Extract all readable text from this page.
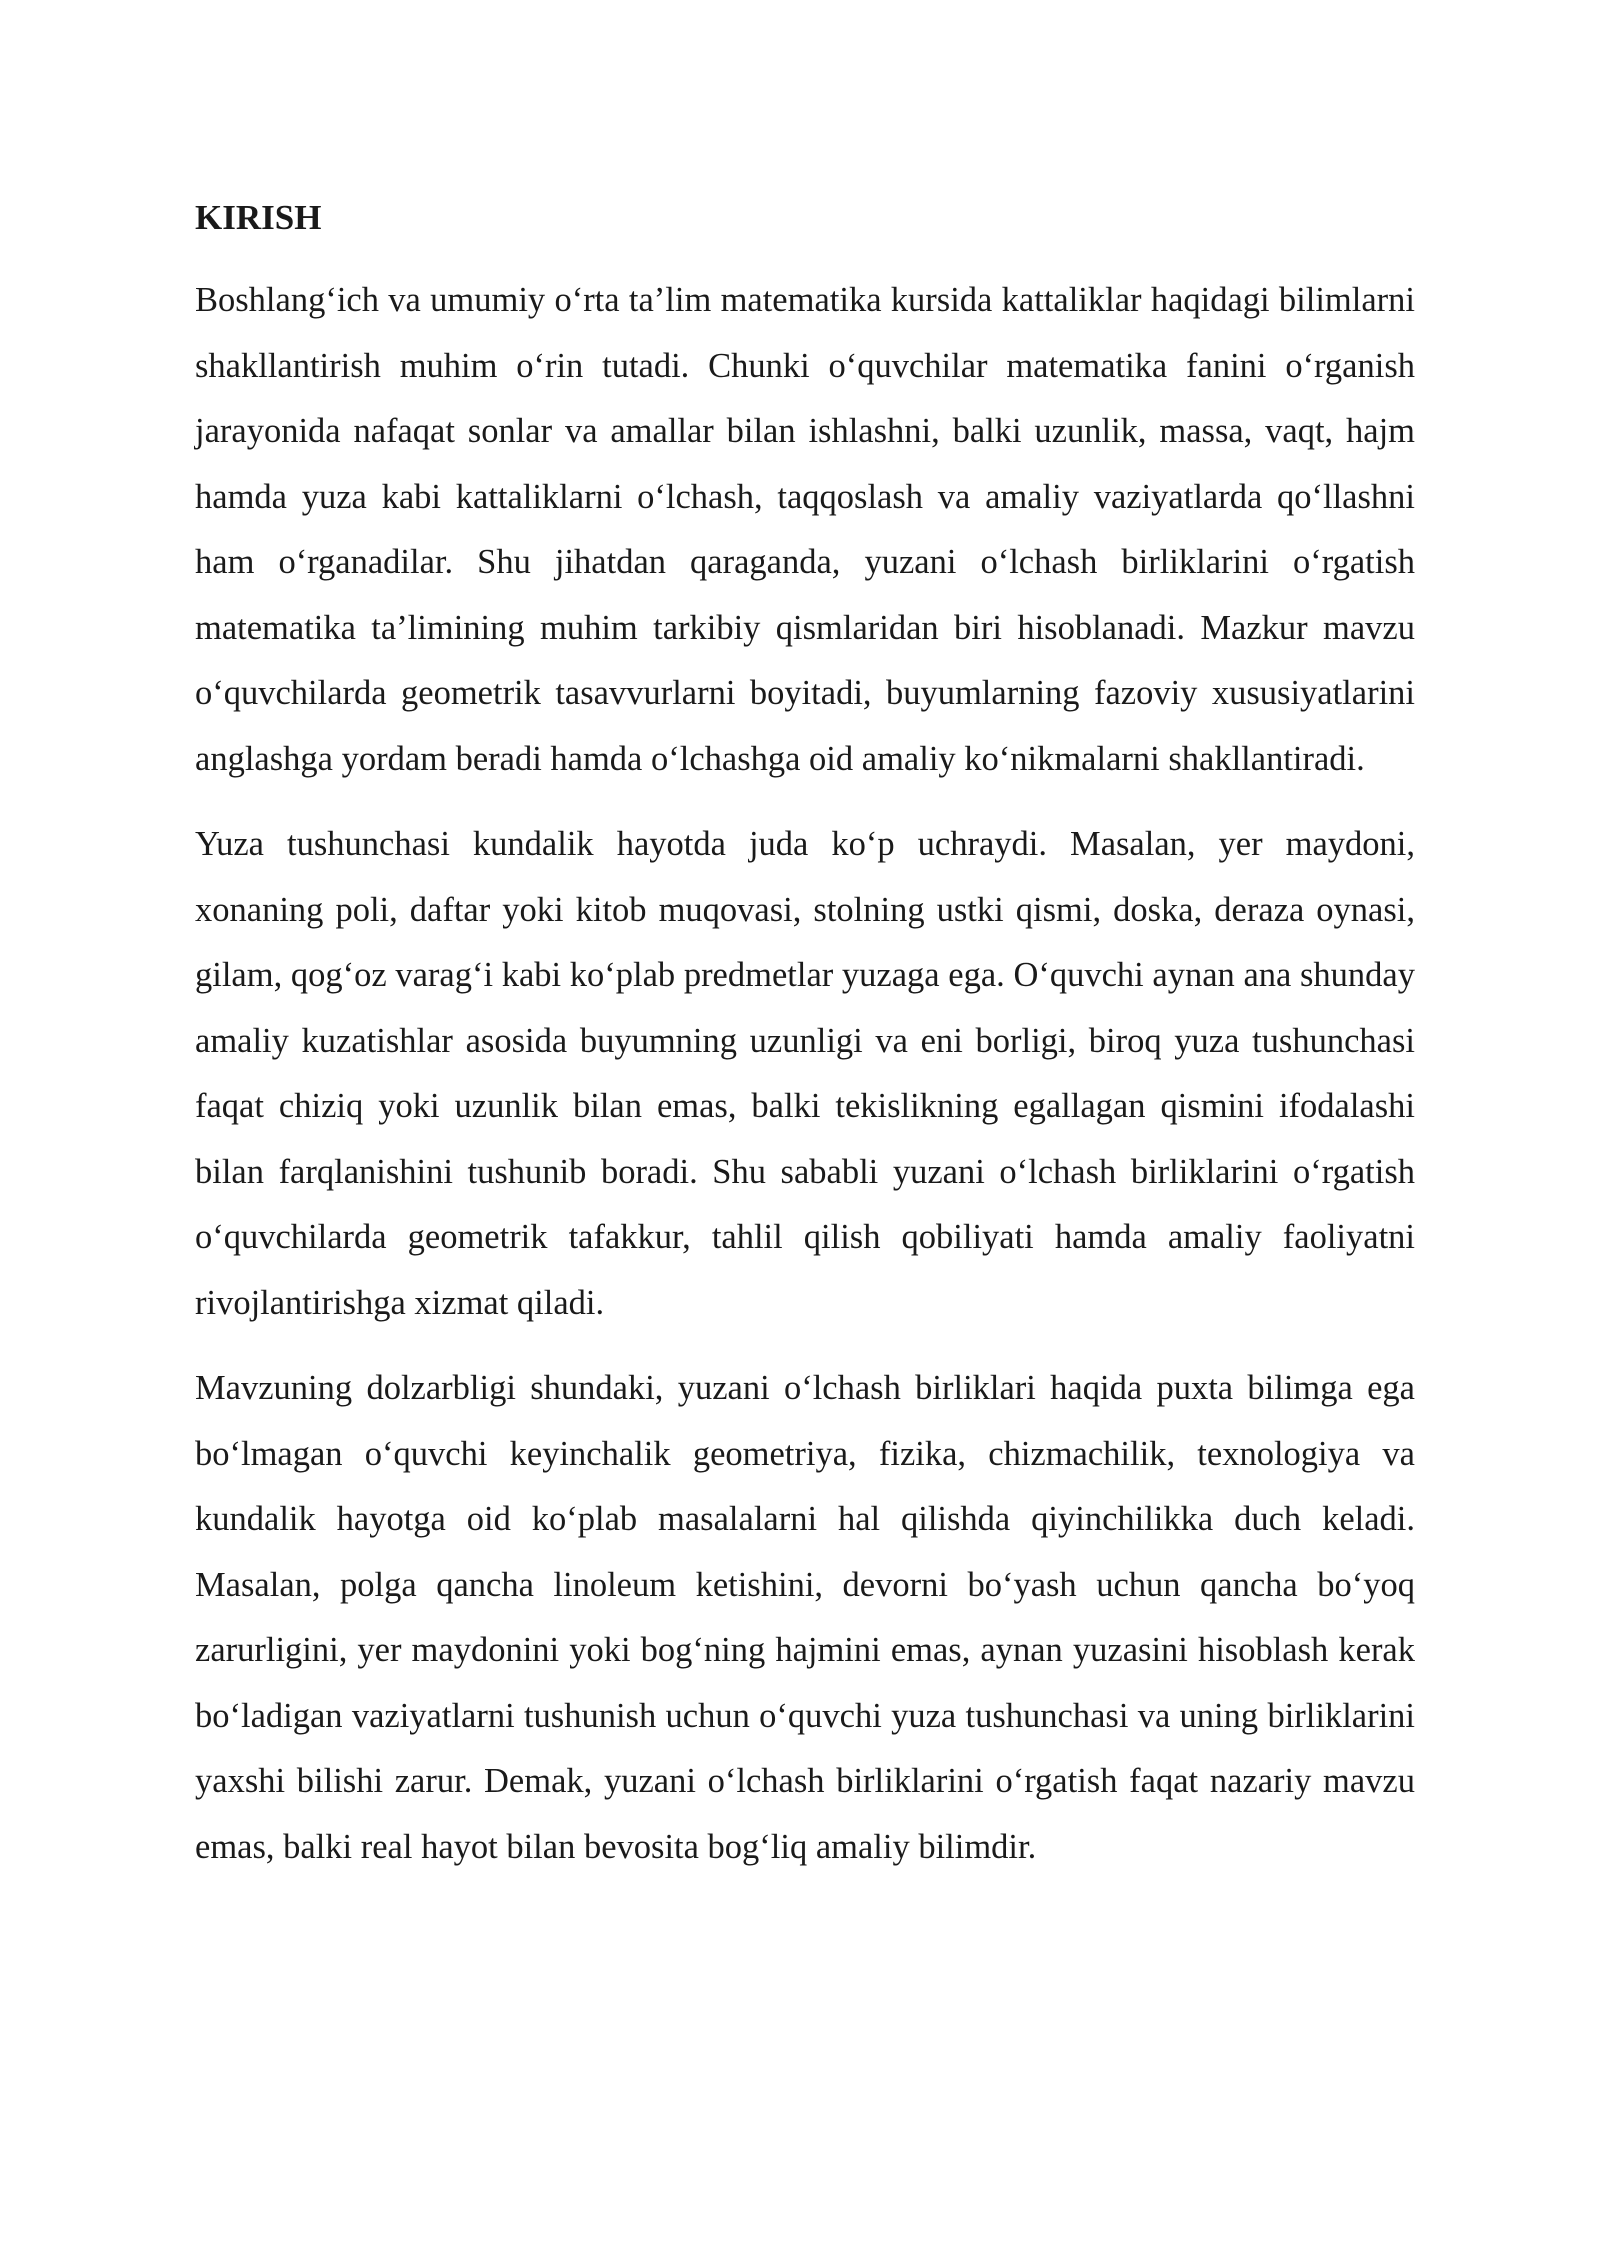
KIRISH

Boshlang‘ich va umumiy o‘rta ta’lim matematika kursida kattaliklar haqidagi bilimlarni shakllantirish muhim o‘rin tutadi. Chunki o‘quvchilar matematika fanini o‘rganish jarayonida nafaqat sonlar va amallar bilan ishlashni, balki uzunlik, massa, vaqt, hajm hamda yuza kabi kattaliklarni o‘lchash, taqqoslash va amaliy vaziyatlarda qo‘llashni ham o‘rganadilar. Shu jihatdan qaraganda, yuzani o‘lchash birliklarini o‘rgatish matematika ta’limining muhim tarkibiy qismlaridan biri hisoblanadi. Mazkur mavzu o‘quvchilarda geometrik tasavvurlarni boyitadi, buyumlarning fazoviy xususiyatlarini anglashga yordam beradi hamda o‘lchashga oid amaliy ko‘nikmalarni shakllantiradi.

Yuza tushunchasi kundalik hayotda juda ko‘p uchraydi. Masalan, yer maydoni, xonaning poli, daftar yoki kitob muqovasi, stolning ustki qismi, doska, deraza oynasi, gilam, qog‘oz varag‘i kabi ko‘plab predmetlar yuzaga ega. O‘quvchi aynan ana shunday amaliy kuzatishlar asosida buyumning uzunligi va eni borligi, biroq yuza tushunchasi faqat chiziq yoki uzunlik bilan emas, balki tekislikning egallagan qismini ifodalashi bilan farqlanishini tushunib boradi. Shu sababli yuzani o‘lchash birliklarini o‘rgatish o‘quvchilarda geometrik tafakkur, tahlil qilish qobiliyati hamda amaliy faoliyatni rivojlantirishga xizmat qiladi.

Mavzuning dolzarbligi shundaki, yuzani o‘lchash birliklari haqida puxta bilimga ega bo‘lmagan o‘quvchi keyinchalik geometriya, fizika, chizmachilik, texnologiya va kundalik hayotga oid ko‘plab masalalarni hal qilishda qiyinchilikka duch keladi. Masalan, polga qancha linoleum ketishini, devorni bo‘yash uchun qancha bo‘yoq zarurligini, yer maydonini yoki bog‘ning hajmini emas, aynan yuzasini hisoblash kerak bo‘ladigan vaziyatlarni tushunish uchun o‘quvchi yuza tushunchasi va uning birliklarini yaxshi bilishi zarur. Demak, yuzani o‘lchash birliklarini o‘rgatish faqat nazariy mavzu emas, balki real hayot bilan bevosita bog‘liq amaliy bilimdir.
